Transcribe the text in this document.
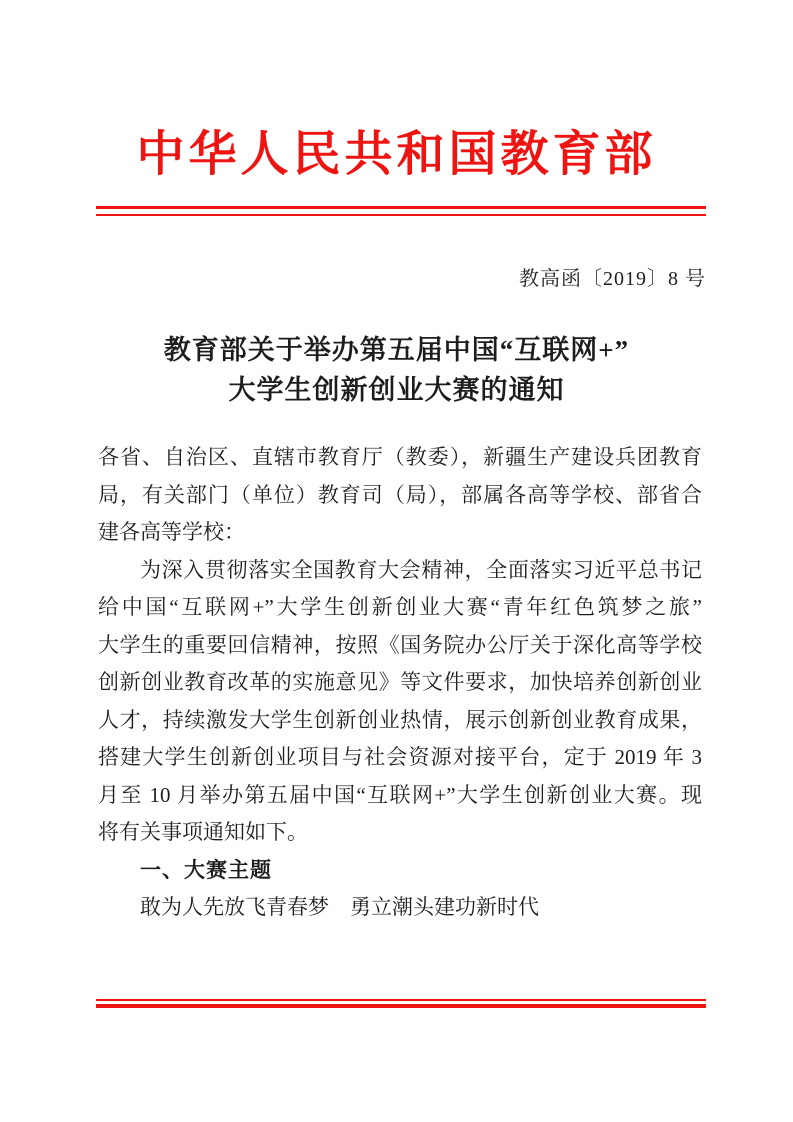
中华人民共和国教育部
教高函〔2019〕8 号
教育部关于举办第五届中国“互联网+”
大学生创新创业大赛的通知
各省、自治区、直辖市教育厅（教委），新疆生产建设兵团教育
局，有关部门（单位）教育司（局），部属各高等学校、部省合
建各高等学校：
为深入贯彻落实全国教育大会精神，全面落实习近平总书记
给中国“互联网+”大学生创新创业大赛“青年红色筑梦之旅”
大学生的重要回信精神，按照《国务院办公厅关于深化高等学校
创新创业教育改革的实施意见》等文件要求，加快培养创新创业
人才，持续激发大学生创新创业热情，展示创新创业教育成果，
搭建大学生创新创业项目与社会资源对接平台，定于 2019 年 3
月至 10 月举办第五届中国“互联网+”大学生创新创业大赛。现
将有关事项通知如下。
一、大赛主题
敢为人先放飞青春梦　勇立潮头建功新时代
